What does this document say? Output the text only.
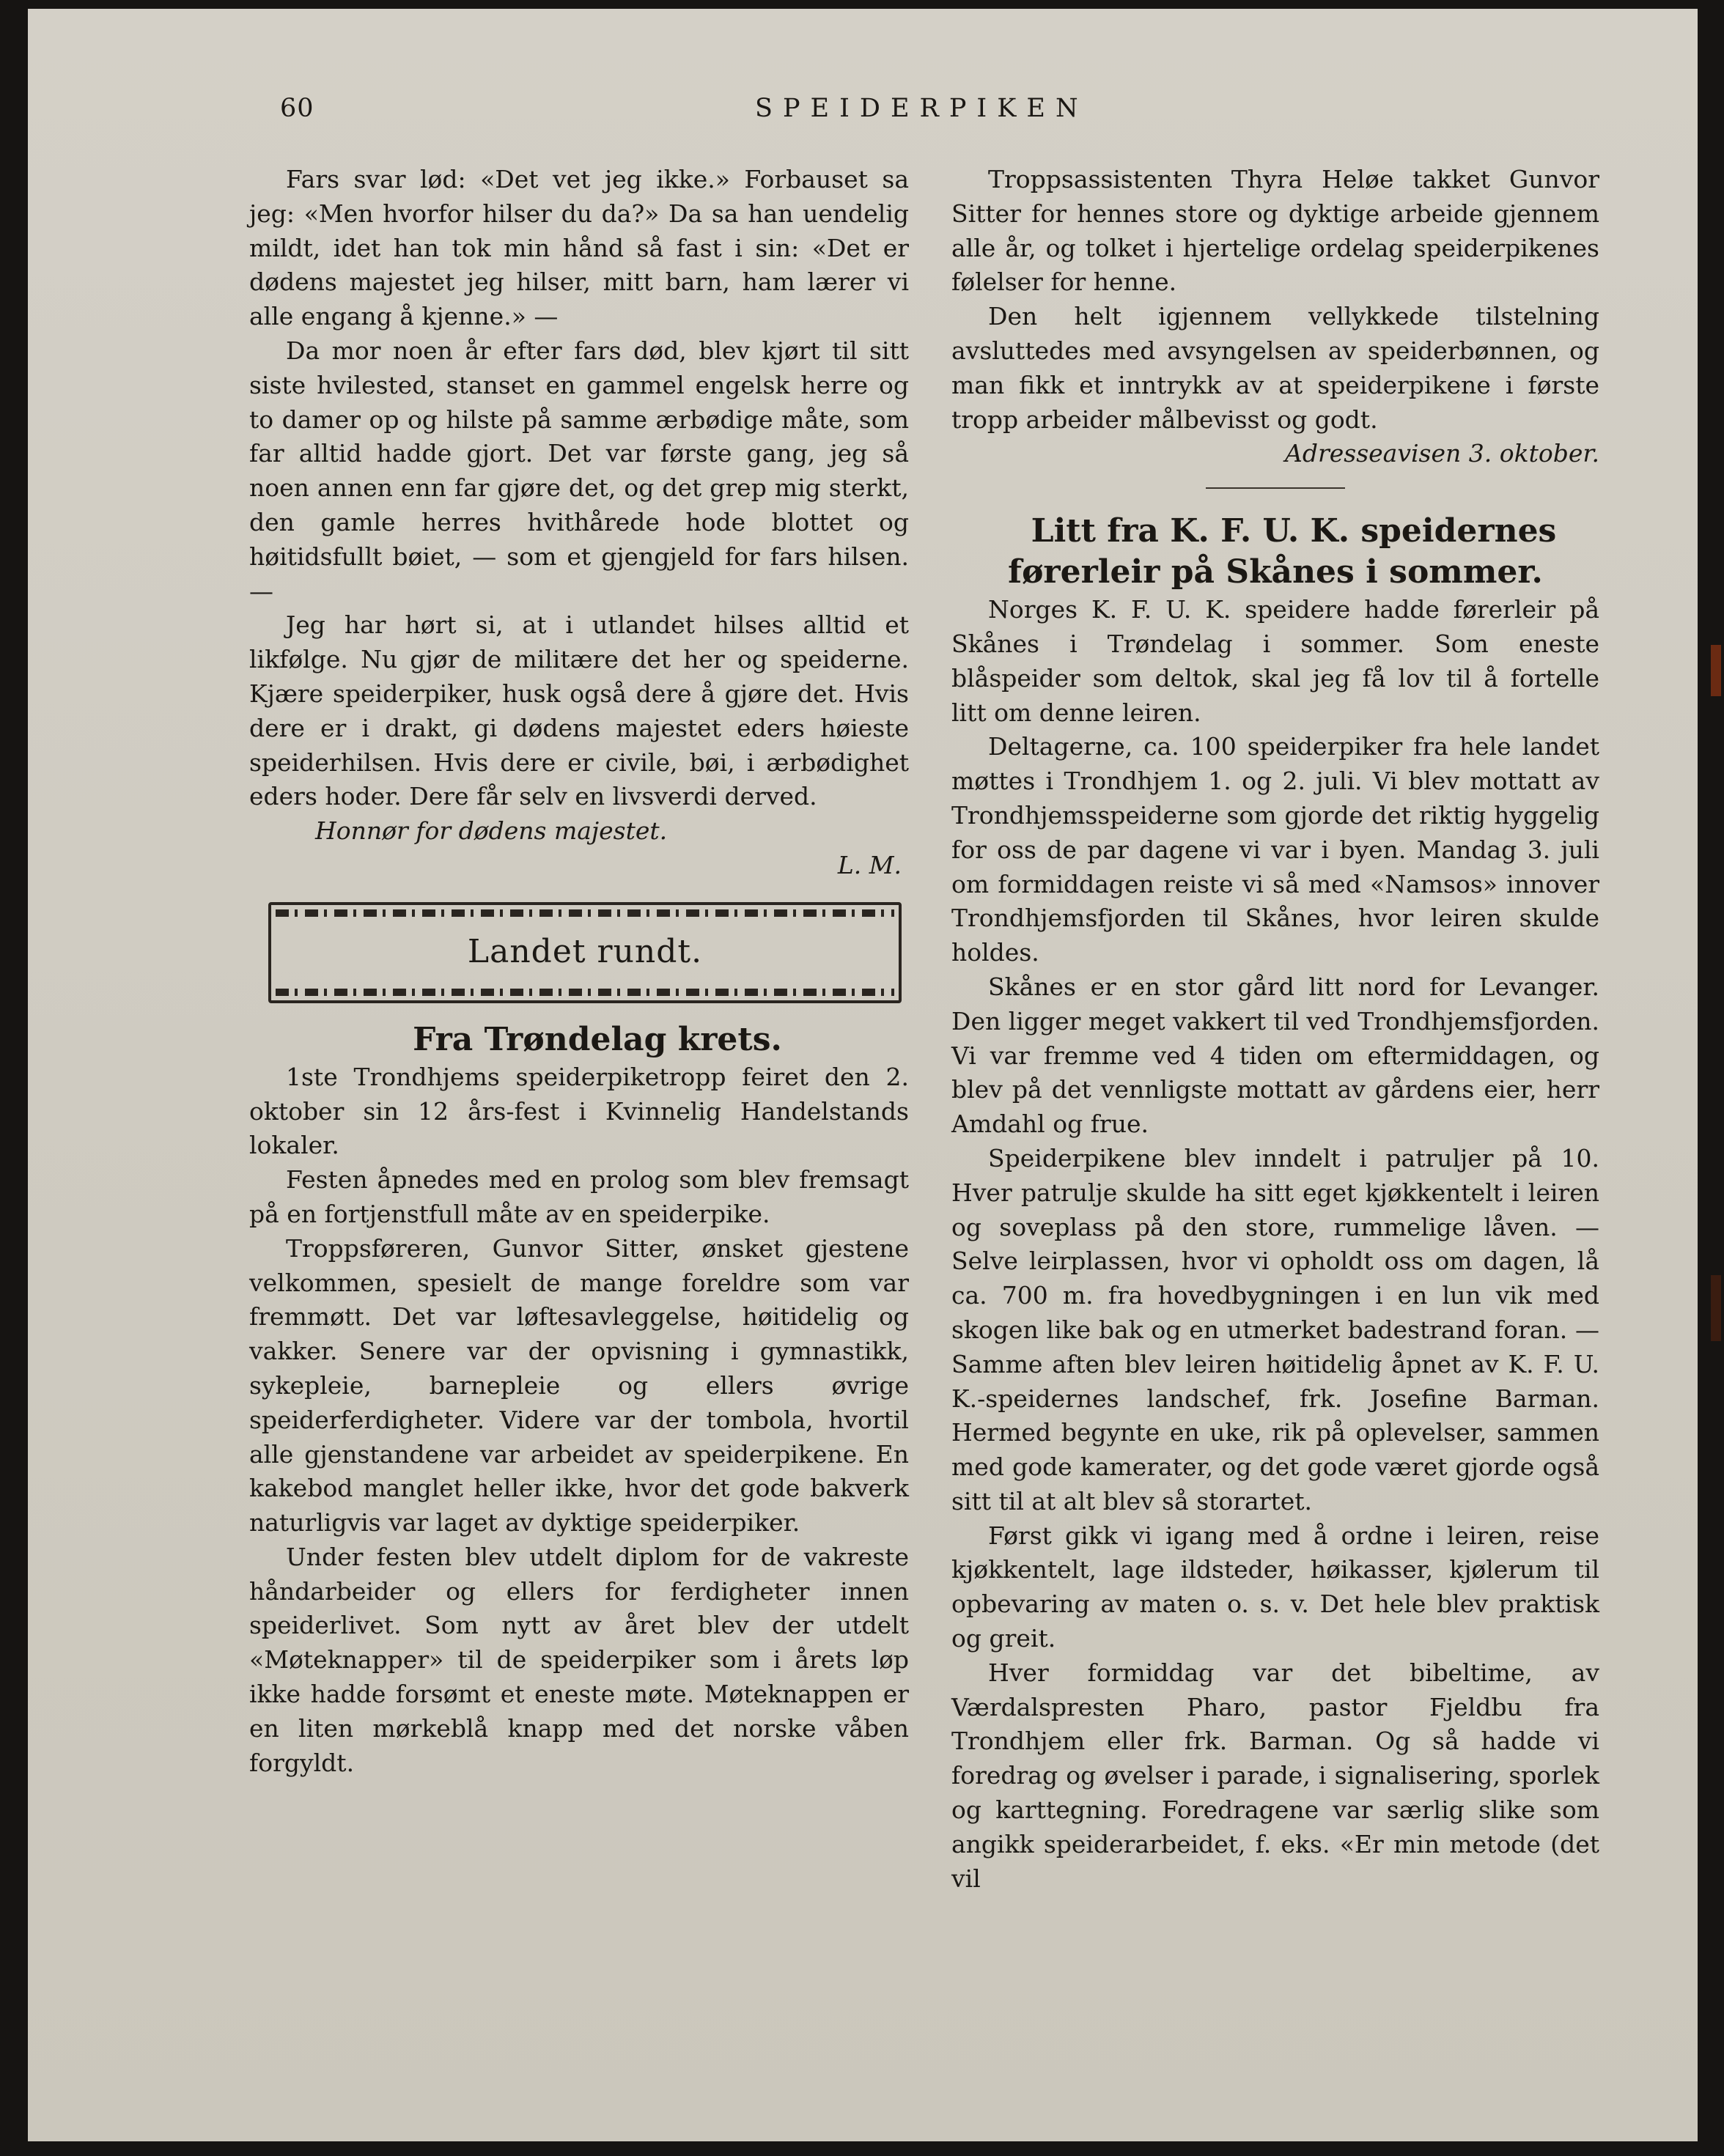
60	SPEIDERPIKEN

Fars svar lød: «Det vet jeg ikke.» Forbauset sa jeg: «Men hvorfor hilser du da?» Da sa han uendelig mildt, idet han tok min hånd så fast i sin: «Det er dødens majestet jeg hilser, mitt barn, ham lærer vi alle engang å kjenne.» —

Da mor noen år efter fars død, blev kjørt til sitt siste hvilested, stanset en gammel engelsk herre og to damer op og hilste på samme ærbødige måte, som far alltid hadde gjort. Det var første gang, jeg så noen annen enn far gjøre det, og det grep mig sterkt, den gamle herres hvithårede hode blottet og høitidsfullt bøiet, — som et gjengjeld for fars hilsen. —

Jeg har hørt si, at i utlandet hilses alltid et likfølge. Nu gjør de militære det her og speiderne. Kjære speiderpiker, husk også dere å gjøre det. Hvis dere er i drakt, gi dødens majestet eders høieste speiderhilsen. Hvis dere er civile, bøi, i ærbødighet eders hoder. Dere får selv en livsverdi derved.

Honnør for dødens majestet.

L. M.

Landet rundt.

Fra Trøndelag krets.

1ste Trondhjems speiderpiketropp feiret den 2. oktober sin 12 års-fest i Kvinnelig Handelstands lokaler.

Festen åpnedes med en prolog som blev fremsagt på en fortjenstfull måte av en speiderpike.

Troppsføreren, Gunvor Sitter, ønsket gjestene velkommen, spesielt de mange foreldre som var fremmøtt. Det var løftesavleggelse, høitidelig og vakker. Senere var der opvisning i gymnastikk, sykepleie, barnepleie og ellers øvrige speiderferdigheter. Videre var der tombola, hvortil alle gjenstandene var arbeidet av speiderpikene. En kakebod manglet heller ikke, hvor det gode bakverk naturligvis var laget av dyktige speiderpiker.

Under festen blev utdelt diplom for de vakreste håndarbeider og ellers for ferdigheter innen speiderlivet. Som nytt av året blev der utdelt «Møteknapper» til de speiderpiker som i årets løp ikke hadde forsømt et eneste møte. Møteknappen er en liten mørkeblå knapp med det norske våben forgyldt.

Troppsassistenten Thyra Heløe takket Gunvor Sitter for hennes store og dyktige arbeide gjennem alle år, og tolket i hjertelige ordelag speiderpikenes følelser for henne.

Den helt igjennem vellykkede tilstelning avsluttedes med avsyngelsen av speiderbønnen, og man fikk et inntrykk av at speiderpikene i første tropp arbeider målbevisst og godt.

Adresseavisen 3. oktober.

Litt fra K. F. U. K. speidernes førerleir på Skånes i sommer.

Norges K. F. U. K. speidere hadde førerleir på Skånes i Trøndelag i sommer. Som eneste blåspeider som deltok, skal jeg få lov til å fortelle litt om denne leiren.

Deltagerne, ca. 100 speiderpiker fra hele landet møttes i Trondhjem 1. og 2. juli. Vi blev mottatt av Trondhjemsspeiderne som gjorde det riktig hyggelig for oss de par dagene vi var i byen. Mandag 3. juli om formiddagen reiste vi så med «Namsos» innover Trondhjemsfjorden til Skånes, hvor leiren skulde holdes.

Skånes er en stor gård litt nord for Levanger. Den ligger meget vakkert til ved Trondhjemsfjorden. Vi var fremme ved 4 tiden om eftermiddagen, og blev på det vennligste mottatt av gårdens eier, herr Amdahl og frue.

Speiderpikene blev inndelt i patruljer på 10. Hver patrulje skulde ha sitt eget kjøkkentelt i leiren og soveplass på den store, rummelige låven. — Selve leirplassen, hvor vi opholdt oss om dagen, lå ca. 700 m. fra hovedbygningen i en lun vik med skogen like bak og en utmerket badestrand foran. — Samme aften blev leiren høitidelig åpnet av K. F. U. K.-speidernes landschef, frk. Josefine Barman. Hermed begynte en uke, rik på oplevelser, sammen med gode kamerater, og det gode været gjorde også sitt til at alt blev så storartet.

Først gikk vi igang med å ordne i leiren, reise kjøkkentelt, lage ildsteder, høikasser, kjølerum til opbevaring av maten o. s. v. Det hele blev praktisk og greit.

Hver formiddag var det bibeltime, av Værdalspresten Pharo, pastor Fjeldbu fra Trondhjem eller frk. Barman. Og så hadde vi foredrag og øvelser i parade, i signalisering, sporlek og karttegning. Foredragene var særlig slike som angikk speiderarbeidet, f. eks. «Er min metode (det vil
